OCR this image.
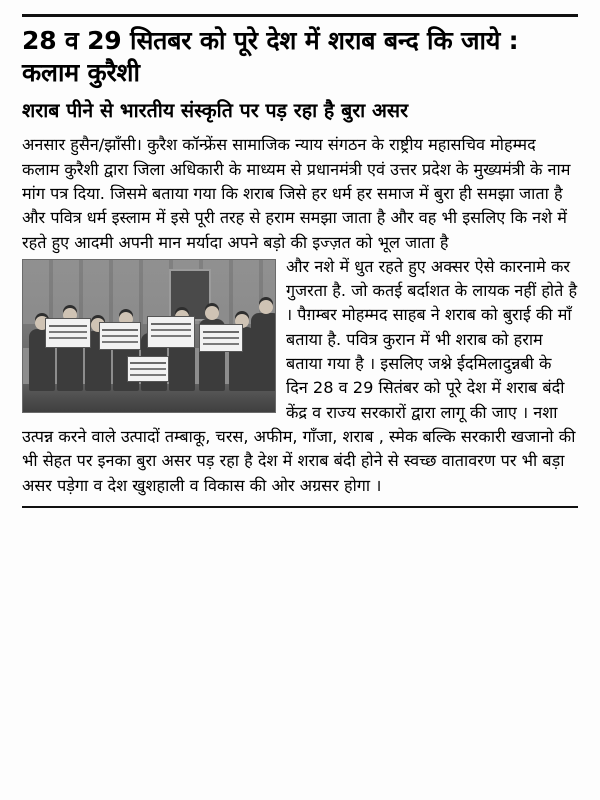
28 व 29 सितबर को पूरे देश में शराब बन्द कि जाये : कलाम कुरैशी
शराब पीने से भारतीय संस्कृति पर पड़ रहा है बुरा असर

अनसार हुसैन/झाँसी। कुरैश कॉन्फ्रेंस सामाजिक न्याय संगठन के राष्ट्रीय महासचिव मोहम्मद कलाम कुरैशी द्वारा जिला अधिकारी के माध्यम से प्रधानमंत्री एवं उत्तर प्रदेश के मुख्यमंत्री के नाम मांग पत्र दिया. जिसमे बताया गया कि शराब जिसे हर धर्म हर समाज में बुरा ही समझा जाता है और पवित्र धर्म इस्लाम में इसे पूरी तरह से हराम समझा जाता है और वह भी इसलिए कि नशे में रहते हुए आदमी अपनी मान मर्यादा अपने बड़ो की इज्ज़त को भूल जाता है

और नशे में धुत रहते हुए अक्सर ऐसे कारनामे कर गुजरता है. जो कतई बर्दाशत के लायक नहीं होते है । पैग़म्बर मोहम्मद साहब ने शराब को बुराई की माँ बताया है. पवित्र कुरान में भी शराब को हराम बताया गया है । इसलिए जश्ने ईदमिलादुन्नबी के दिन 28 व 29 सितंबर को पूरे देश में शराब बंदी केंद्र व राज्य सरकारों द्वारा लागू की जाए । नशा उत्पन्न करने वाले उत्पादों तम्बाकू, चरस, अफीम, गाँजा, शराब , स्मेक बल्कि सरकारी खजानो की भी सेहत पर इनका बुरा असर पड़ रहा है देश में शराब बंदी होने से स्वच्छ वातावरण पर भी बड़ा असर पड़ेगा व देश खुशहाली व विकास की ओर अग्रसर होगा ।
